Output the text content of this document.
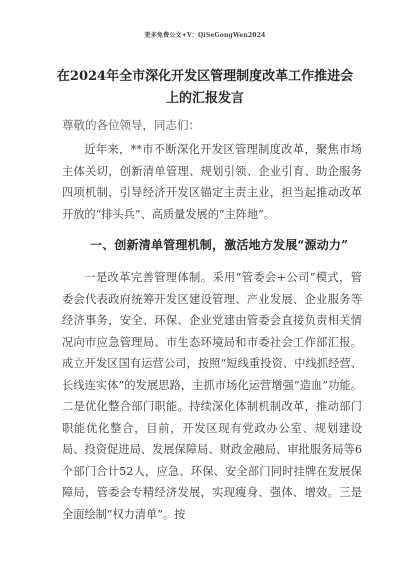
更多免费公文+V：QiSeGongWen2024
在2024年全市深化开发区管理制度改革工作推进会上的汇报发言
尊敬的各位领导，同志们：

近年来，**市不断深化开发区管理制度改革，聚焦市场主体关切，创新清单管理、规划引领、企业引育、助企服务四项机制，引导经济开发区锚定主责主业，担当起推动改革开放的“排头兵”、高质量发展的“主阵地”。

一、创新清单管理机制，激活地方发展“源动力”

一是改革完善管理体制。采用“管委会+公司”模式，管委会代表政府统筹开发区建设管理、产业发展、企业服务等经济事务，安全、环保、企业党建由管委会直接负责相关情况向市应急管理局、市生态环境局和市委社会工作部汇报。成立开发区国有运营公司，按照“短线重投资、中线抓经营、长线连实体”的发展思路，主抓市场化运营增强“造血”功能。二是优化整合部门职能。持续深化体制机制改革，推动部门职能优化整合，目前，开发区现有党政办公室、规划建设局、投资促进局、发展保障局、财政金融局、审批服务局等6个部门合计52人，应急、环保、安全部门同时挂牌在发展保障局，管委会专精经济发展，实现瘦身、强体、增效。三是全面绘制“权力清单”。按
